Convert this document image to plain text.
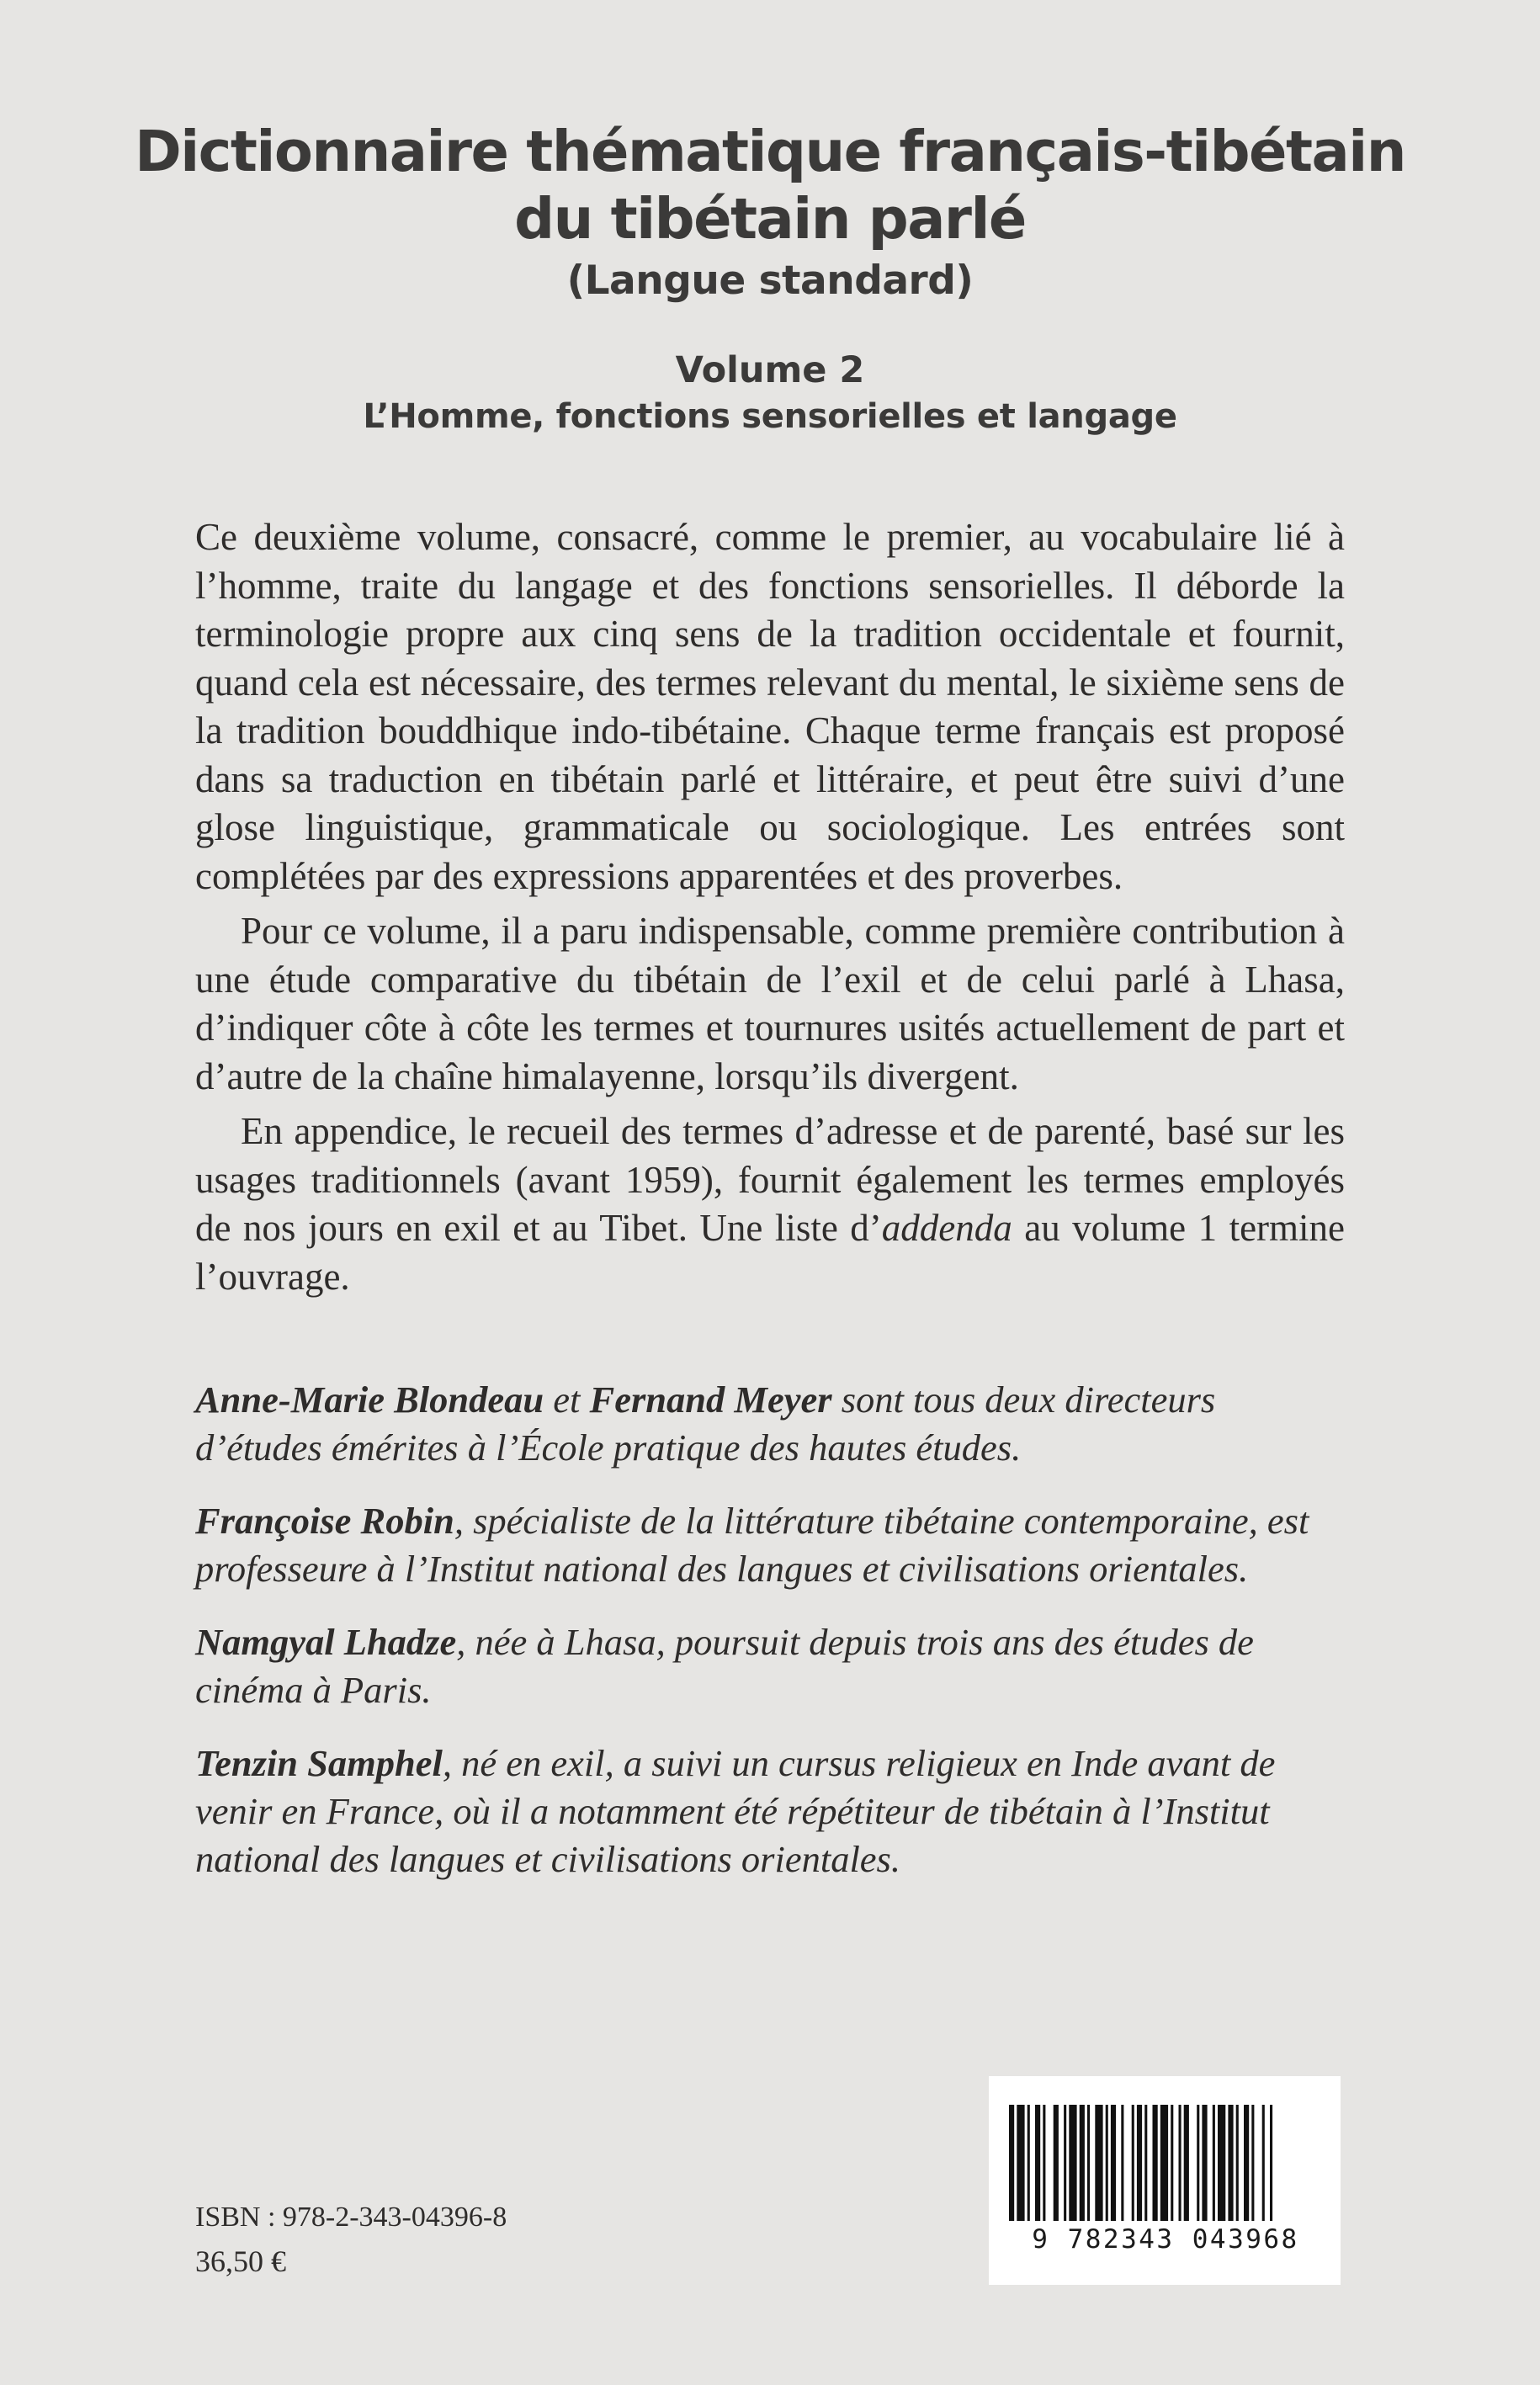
Dictionnaire thématique français-tibétain
du tibétain parlé
(Langue standard)
Volume 2
L’Homme, fonctions sensorielles et langage

Ce deuxième volume, consacré, comme le premier, au vocabulaire lié à l’homme, traite du langage et des fonctions sensorielles. Il déborde la terminologie propre aux cinq sens de la tradition occidentale et fournit, quand cela est nécessaire, des termes relevant du mental, le sixième sens de la tradition bouddhique indo-tibétaine. Chaque terme français est proposé dans sa traduction en tibétain parlé et littéraire, et peut être suivi d’une glose linguistique, grammaticale ou sociologique. Les entrées sont complétées par des expressions apparentées et des proverbes.

Pour ce volume, il a paru indispensable, comme première contribution à une étude comparative du tibétain de l’exil et de celui parlé à Lhasa, d’indiquer côte à côte les termes et tournures usités actuellement de part et d’autre de la chaîne himalayenne, lorsqu’ils divergent.

En appendice, le recueil des termes d’adresse et de parenté, basé sur les usages traditionnels (avant 1959), fournit également les termes employés de nos jours en exil et au Tibet. Une liste d’addenda au volume 1 termine l’ouvrage.

Anne-Marie Blondeau et Fernand Meyer sont tous deux directeurs d’études émérites à l’École pratique des hautes études.

Françoise Robin, spécialiste de la littérature tibétaine contemporaine, est professeure à l’Institut national des langues et civilisations orientales.

Namgyal Lhadze, née à Lhasa, poursuit depuis trois ans des études de cinéma à Paris.

Tenzin Samphel, né en exil, a suivi un cursus religieux en Inde avant de venir en France, où il a notamment été répétiteur de tibétain à l’Institut national des langues et civilisations orientales.

ISBN : 978-2-343-04396-8
36,50 €
9 782343 043968
